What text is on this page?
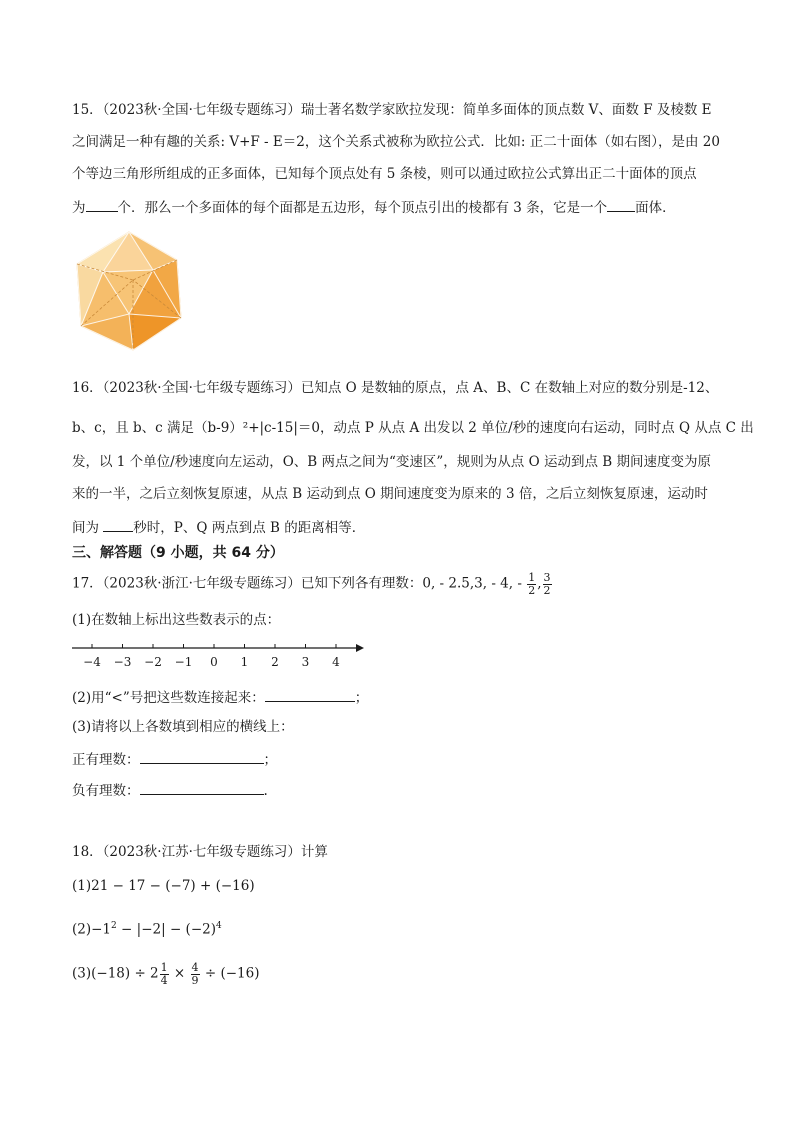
15．（2023秋·全国·七年级专题练习）瑞士著名数学家欧拉发现：简单多面体的顶点数 V、面数 F 及棱数 E
之间满足一种有趣的关系: V+F - E＝2，这个关系式被称为欧拉公式．比如: 正二十面体（如右图），是由 20
个等边三角形所组成的正多面体，已知每个顶点处有 5 条棱，则可以通过欧拉公式算出正二十面体的顶点
为 个．那么一个多面体的每个面都是五边形，每个顶点引出的棱都有 3 条，它是一个 面体．
16．（2023秋·全国·七年级专题练习）已知点 O 是数轴的原点，点 A、B、C 在数轴上对应的数分别是-12、
b、c，且 b、c 满足（b-9）²+|c-15|＝0，动点 P 从点 A 出发以 2 单位/秒的速度向右运动，同时点 Q 从点 C 出
发，以 1 个单位/秒速度向左运动，O、B 两点之间为“变速区”，规则为从点 O 运动到点 B 期间速度变为原
来的一半，之后立刻恢复原速，从点 B 运动到点 O 期间速度变为原来的 3 倍，之后立刻恢复原速，运动时
间为	秒时，P、Q 两点到点 B 的距离相等．
三、解答题（9 小题，共 64 分）
17．（2023秋·浙江·七年级专题练习）已知下列各有理数：0, - 2.5,3, - 4, - $\frac{1}{2}$ , $\frac{3}{2}$
(1)在数轴上标出这些数表示的点：
−4 −3 −2 −1 0 1 2 3 4
(2)用“<”号把这些数连接起来：	；
(3)请将以上各数填到相应的横线上：
正有理数：	；
负有理数：	.
18．（2023秋·江苏·七年级专题练习）计算
(1)21 − 17 − (−7) + (−16)
$(2)-1^2 - |-2| - (-2)^4$
$(3)(-18) \div 2 \frac{1}{4} \times \frac{4}{9} \div (-16)$
